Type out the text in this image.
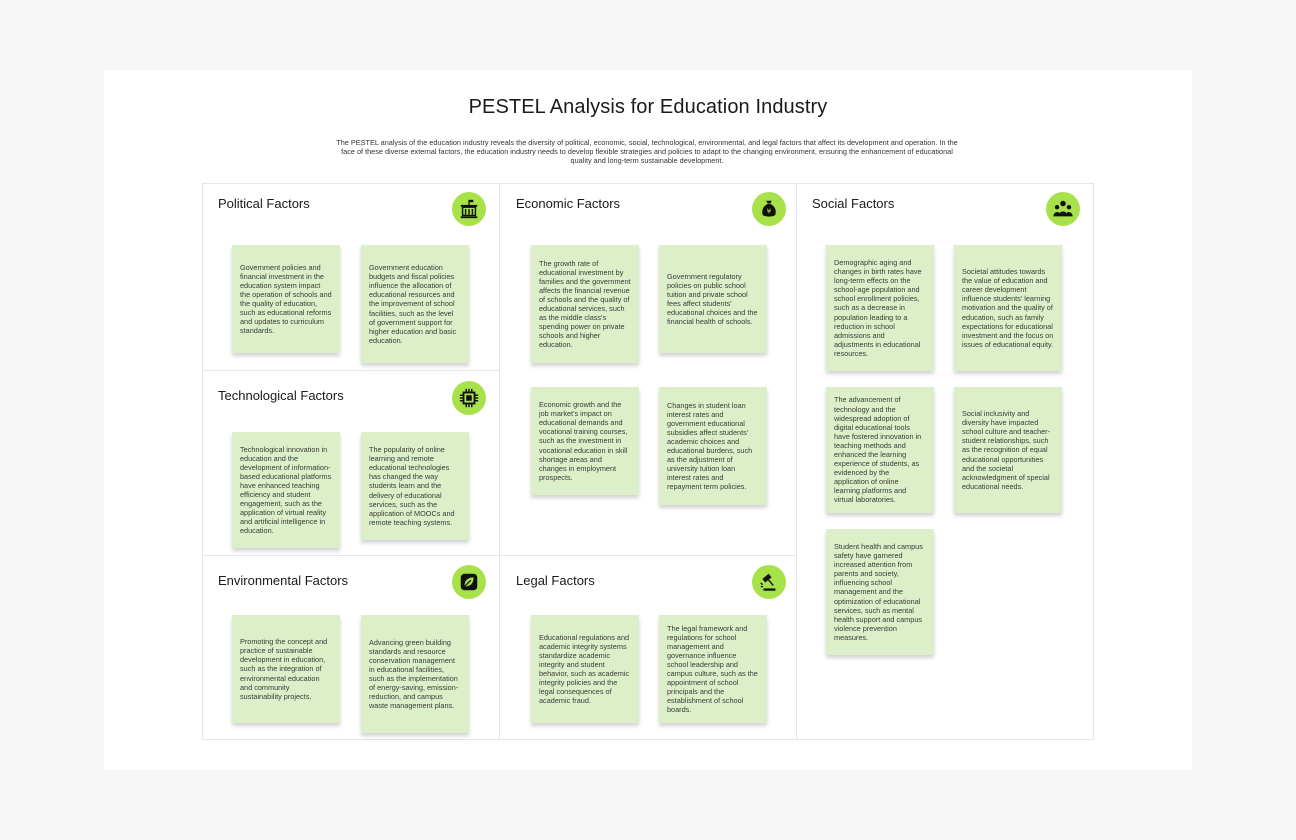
PESTEL Analysis for Education Industry
The PESTEL analysis of the education industry reveals the diversity of political, economic, social, technological, environmental, and legal factors that affect its development and operation. In the face of these diverse external factors, the education industry needs to develop flexible strategies and policies to adapt to the changing environment, ensuring the enhancement of educational quality and long-term sustainable development.
Political Factors
Government policies and financial investment in the education system impact the operation of schools and the quality of education, such as educational reforms and updates to curriculum standards.
Government education budgets and fiscal policies influence the allocation of educational resources and the improvement of school facilities, such as the level of government support for higher education and basic education.
Technological Factors
Technological innovation in education and the development of information-based educational platforms have enhanced teaching efficiency and student engagement, such as the application of virtual reality and artificial intelligence in education.
The popularity of online learning and remote educational technologies has changed the way students learn and the delivery of educational services, such as the application of MOOCs and remote teaching systems.
Environmental Factors
Promoting the concept and practice of sustainable development in education, such as the integration of environmental education and community sustainability projects.
Advancing green building standards and resource conservation management in educational facilities, such as the implementation of energy-saving, emission-reduction, and campus waste management plans.
Economic Factors
¥
The growth rate of educational investment by families and the government affects the financial revenue of schools and the quality of educational services, such as the middle class's spending power on private schools and higher education.
Government regulatory policies on public school tuition and private school fees affect students' educational choices and the financial health of schools.
Economic growth and the job market's impact on educational demands and vocational training courses, such as the investment in vocational education in skill shortage areas and changes in employment prospects.
Changes in student loan interest rates and government educational subsidies affect students' academic choices and educational burdens, such as the adjustment of university tuition loan interest rates and repayment term policies.
Legal Factors
Educational regulations and academic integrity systems standardize academic integrity and student behavior, such as academic integrity policies and the legal consequences of academic fraud.
The legal framework and regulations for school management and governance influence school leadership and campus culture, such as the appointment of school principals and the establishment of school boards.
Social Factors
Demographic aging and changes in birth rates have long-term effects on the school-age population and school enrollment policies, such as a decrease in population leading to a reduction in school admissions and adjustments in educational resources.
Societal attitudes towards the value of education and career development influence students' learning motivation and the quality of education, such as family expectations for educational investment and the focus on issues of educational equity.
The advancement of technology and the widespread adoption of digital educational tools have fostered innovation in teaching methods and enhanced the learning experience of students, as evidenced by the application of online learning platforms and virtual laboratories.
Social inclusivity and diversity have impacted school culture and teacher-student relationships, such as the recognition of equal educational opportunities and the societal acknowledgment of special educational needs.
Student health and campus safety have garnered increased attention from parents and society, influencing school management and the optimization of educational services, such as mental health support and campus violence prevention measures.
